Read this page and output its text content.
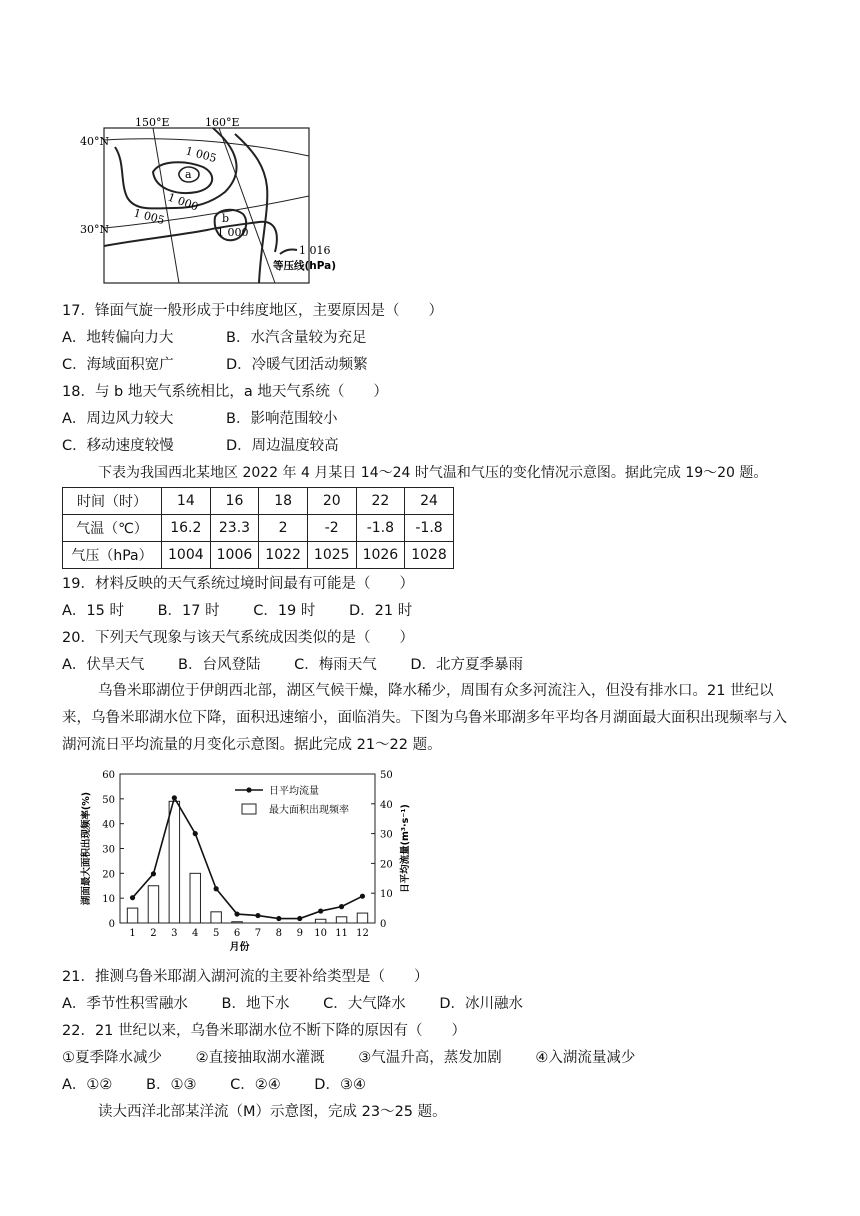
150°E	160°E
40°N
30°N
1 005
1 000
1 005
1 000
a
b
1 016
等压线(hPa)
17．锋面气旋一般形成于中纬度地区，主要原因是（　　）
A．地转偏向力大	B．水汽含量较为充足
C．海域面积宽广	D．冷暖气团活动频繁
18．与 b 地天气系统相比，a 地天气系统（　　）
A．周边风力较大	B．影响范围较小
C．移动速度较慢	D．周边温度较高
下表为我国西北某地区 2022 年 4 月某日 14～24 时气温和气压的变化情况示意图。据此完成 19～20 题。
时间（时）	14	16	18	20	22	24
气温（℃）	16.2	23.3	2	-2	-1.8	-1.8
气压（hPa）	1004	1006	1022	1025	1026	1028
19．材料反映的天气系统过境时间最有可能是（　　）
A．15 时　　 B．17 时　　 C．19 时　　 D．21 时
20．下列天气现象与该天气系统成因类似的是（　　）
A．伏旱天气　　 B．台风登陆　　 C．梅雨天气　　 D．北方夏季暴雨
乌鲁米耶湖位于伊朗西北部，湖区气候干燥，降水稀少，周围有众多河流注入，但没有排水口。21 世纪以来，乌鲁米耶湖水位下降，面积迅速缩小，面临消失。下图为乌鲁米耶湖多年平均各月湖面最大面积出现频率与入湖河流日平均流量的月变化示意图。据此完成 21～22 题。
0
10
20
30
40
50
60
0
10
20
30
40
50
1 2 3 4 5 6 7 8 9 10 11 12
月份
湖面最大面积出现频率(%)	日平均流量(m³·s⁻¹)
日平均流量
最大面积出现频率
21．推测乌鲁米耶湖入湖河流的主要补给类型是（　　）
A．季节性积雪融水　　 B．地下水　　 C．大气降水　　 D．冰川融水
22．21 世纪以来，乌鲁米耶湖水位不断下降的原因有（　　）
①夏季降水减少　　 ②直接抽取湖水灌溉　　 ③气温升高，蒸发加剧　　 ④入湖流量减少
A．①②　　 B．①③　　 C．②④　　 D．③④
读大西洋北部某洋流（M）示意图，完成 23～25 题。
